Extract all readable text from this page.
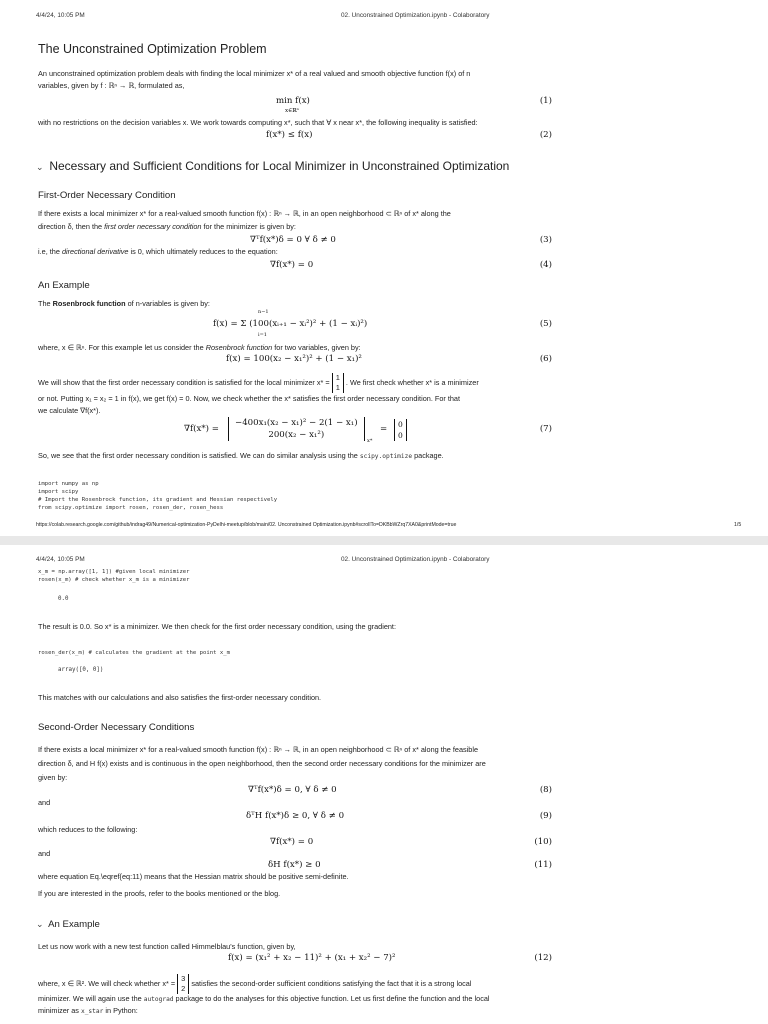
4/4/24, 10:05 PM	02. Unconstrained Optimization.ipynb - Colaboratory
The Unconstrained Optimization Problem
An unconstrained optimization problem deals with finding the local minimizer x* of a real valued and smooth objective function f(x) of n
variables, given by f : ℝⁿ → ℝ, formulated as,
min f(x)
x∈ℝⁿ
(1)
with no restrictions on the decision variables x. We work towards computing x*, such that ∀ x near x*, the following inequality is satisfied:
f(x*) ≤ f(x)	(2)
⌄ Necessary and Sufficient Conditions for Local Minimizer in Unconstrained Optimization
First-Order Necessary Condition
If there exists a local minimizer x* for a real-valued smooth function f(x) : ℝⁿ → ℝ, in an open neighborhood ⊂ ℝⁿ of x* along the
direction δ, then the first order necessary condition for the minimizer is given by:
∇ᵀf(x*)δ = 0 ∀ δ ≠ 0	(3)
i.e, the directional derivative is 0, which ultimately reduces to the equation:
∇f(x*) = 0	(4)
An Example
The Rosenbrock function of n-variables is given by:
n−1
f(x) = Σ (100(xᵢ₊₁ − xᵢ²)² + (1 − xᵢ)²)
i=1
(5)
where, x ∈ ℝⁿ. For this example let us consider the Rosenbrock function for two variables, given by:
f(x) = 100(x₂ − x₁²)² + (1 − x₁)²	(6)
We will show that the first order necessary condition is satisfied for the local minimizer x* = 1
1 . We first check whether x* is a minimizer
or not. Putting x₁ = x₂ = 1 in f(x), we get f(x) = 0. Now, we check whether the x* satisfies the first order necessary condition. For that
we calculate ∇f(x*).
∇f(x*) =
−400x₁(x₂ − x₁)² − 2(1 − x₁)
200(x₂ − x₁²)
x*
=	0
0
(7)
So, we see that the first order necessary condition is satisfied. We can do similar analysis using the scipy.optimize package.
import numpy as np
import scipy
# Import the Rosenbrock function, its gradient and Hessian respectively
from scipy.optimize import rosen, rosen_der, rosen_hess
https://colab.research.google.com/github/indrag49/Numerical-optimization-PyDelhi-meetup/blob/main/02. Unconstrained Optimization.ipynb#scrollTo=DKBbWZrq7XA0&printMode=true	1/5
4/4/24, 10:05 PM	02. Unconstrained Optimization.ipynb - Colaboratory
x_m = np.array([1, 1]) #given local minimizer
rosen(x_m) # check whether x_m is a minimizer
0.0
The result is 0.0. So x* is a minimizer. We then check for the first order necessary condition, using the gradient:
rosen_der(x_m) # calculates the gradient at the point x_m
array([0, 0])
This matches with our calculations and also satisfies the first-order necessary condition.
Second-Order Necessary Conditions
If there exists a local minimizer x* for a real-valued smooth function f(x) : ℝⁿ → ℝ, in an open neighborhood ⊂ ℝⁿ of x* along the feasible
direction δ, and H f(x) exists and is continuous in the open neighborhood, then the second order necessary conditions for the minimizer are
given by:
∇ᵀf(x*)δ = 0, ∀ δ ≠ 0	(8)
and
δᵀH f(x*)δ ≥ 0, ∀ δ ≠ 0	(9)
which reduces to the following:
∇f(x*) = 0	(10)
and
δH f(x*) ≥ 0	(11)
where equation Eq.\eqref{eq:11) means that the Hessian matrix should be positive semi-definite.
If you are interested in the proofs, refer to the books mentioned or the blog.
⌄ An Example
Let us now work with a new test function called Himmelblau's function, given by,
f(x) = (x₁² + x₂ − 11)² + (x₁ + x₂² − 7)²	(12)
where, x ∈ ℝ². We will check whether x* = 3
2 satisfies the second-order sufficient conditions satisfying the fact that it is a strong local
minimizer. We will again use the autograd package to do the analyses for this objective function. Let us first define the function and the local
minimizer as x_star in Python:
